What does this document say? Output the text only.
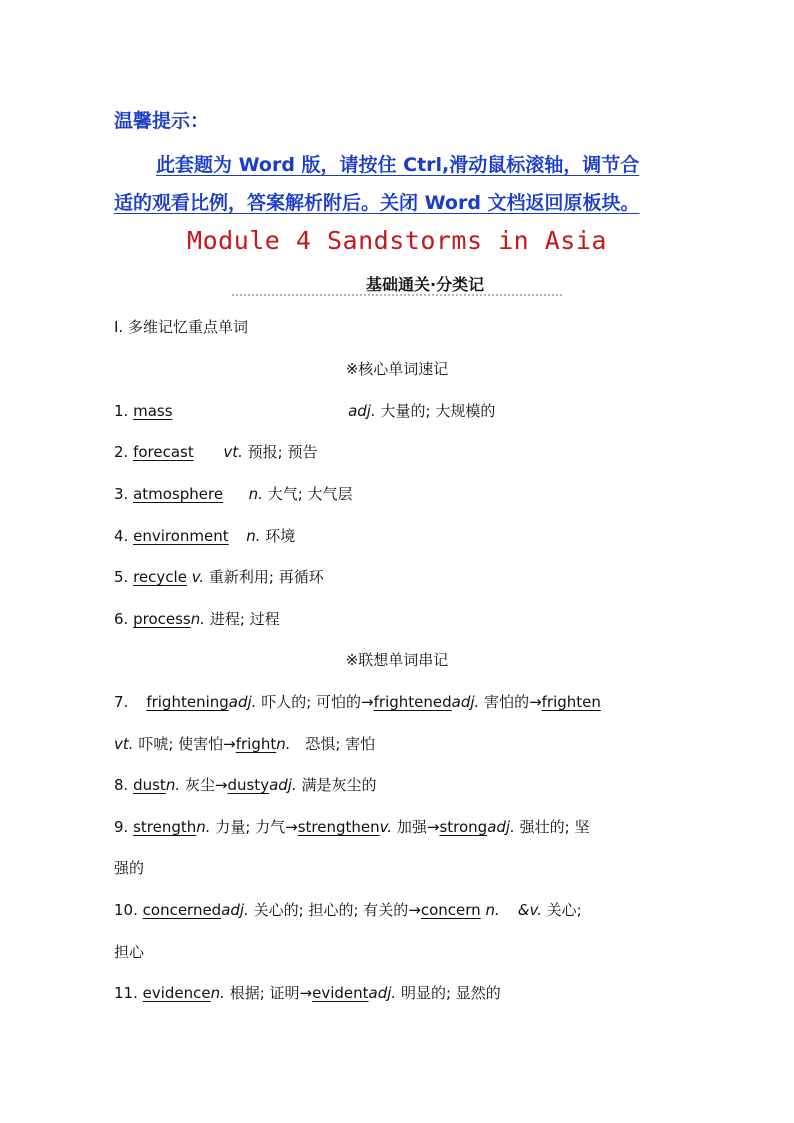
温馨提示：
此套题为 Word 版，请按住 Ctrl,滑动鼠标滚轴，调节合
适的观看比例，答案解析附后。关闭 Word 文档返回原板块。
Module 4 Sandstorms in Asia
基础通关·分类记
Ⅰ. 多维记忆重点单词
※核心单词速记
1. mass	adj. 大量的; 大规模的
2. forecast vt. 预报; 预告
3. atmosphere n. 大气; 大气层
4. environment n. 环境
5. recycle v. 重新利用; 再循环
6. processn. 进程; 过程
※联想单词串记
7. frighteningadj. 吓人的; 可怕的→frightenedadj. 害怕的→frighten
vt. 吓唬; 使害怕→frightn. 恐惧; 害怕
8. dustn. 灰尘→dustyadj. 满是灰尘的
9. strengthn. 力量; 力气→strengthenv. 加强→strongadj. 强壮的; 坚
强的
10. concernedadj. 关心的; 担心的; 有关的→concern n. &v. 关心;
担心
11. evidencen. 根据; 证明→evidentadj. 明显的; 显然的
